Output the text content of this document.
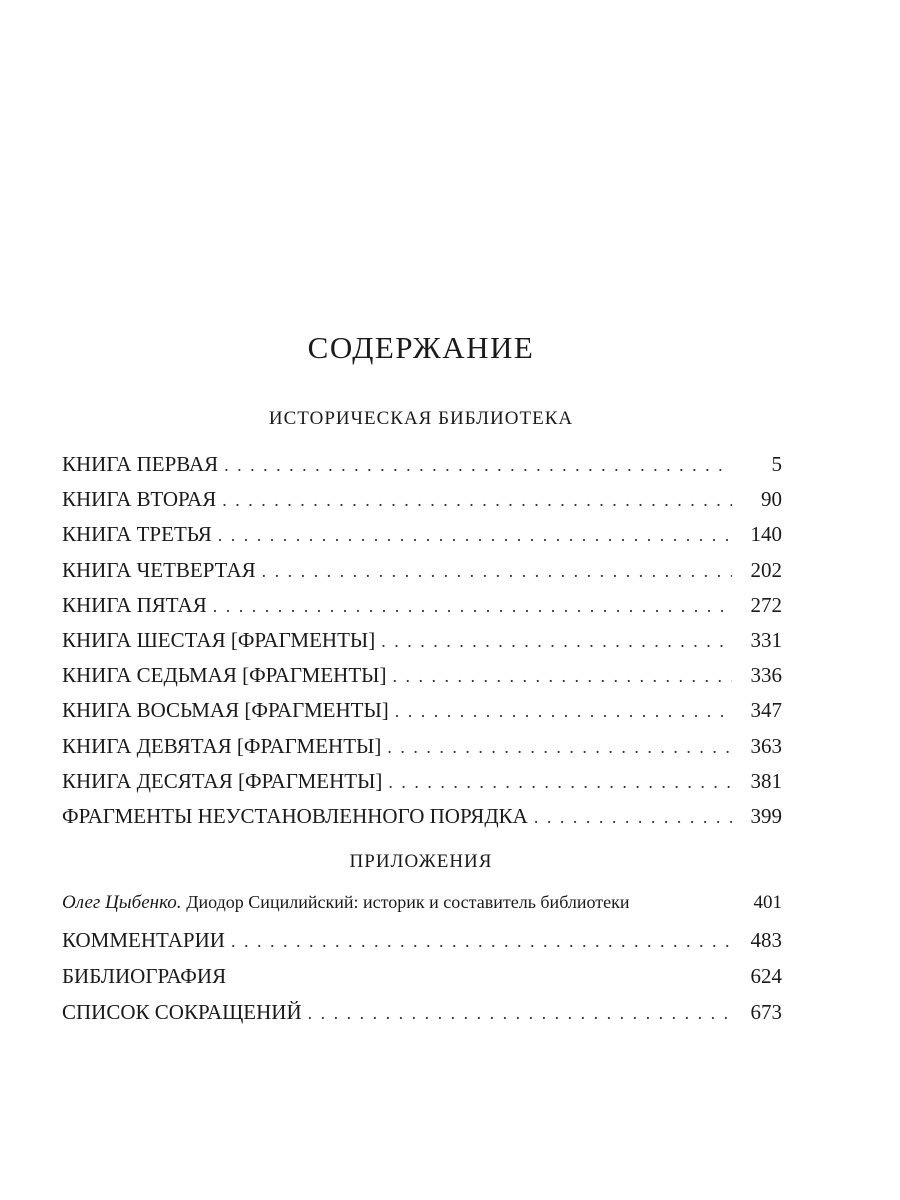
СОДЕРЖАНИЕ
ИСТОРИЧЕСКАЯ БИБЛИОТЕКА
КНИГА ПЕРВАЯ . . .	5
КНИГА ВТОРАЯ . . .	90
КНИГА ТРЕТЬЯ . . .	140
КНИГА ЧЕТВЕРТАЯ . . .	202
КНИГА ПЯТАЯ . . .	272
КНИГА ШЕСТАЯ [ФРАГМЕНТЫ] . . .	331
КНИГА СЕДЬМАЯ [ФРАГМЕНТЫ] . . .	336
КНИГА ВОСЬМАЯ [ФРАГМЕНТЫ] . . .	347
КНИГА ДЕВЯТАЯ [ФРАГМЕНТЫ] . . .	363
КНИГА ДЕСЯТАЯ [ФРАГМЕНТЫ] . . .	381
ФРАГМЕНТЫ НЕУСТАНОВЛЕННОГО ПОРЯДКА . . .	399
ПРИЛОЖЕНИЯ
Олег Цыбенко. Диодор Сицилийский: историк и составитель библиотеки	401
КОММЕНТАРИИ . . .	483
БИБЛИОГРАФИЯ	624
СПИСОК СОКРАЩЕНИЙ . . .	673
